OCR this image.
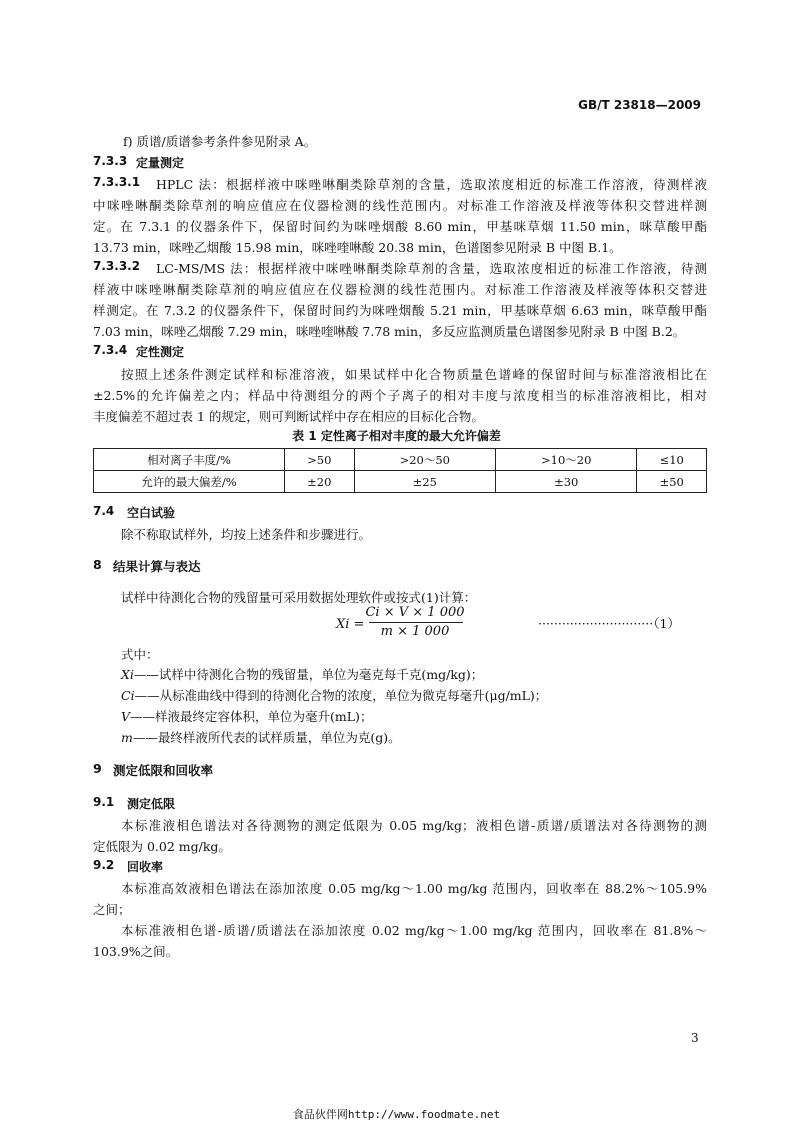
GB/T 23818—2009
f) 质谱/质谱参考条件参见附录 A。
7.3.3 定量测定
7.3.3.1 HPLC 法：根据样液中咪唑啉酮类除草剂的含量，选取浓度相近的标准工作溶液，待测样液
中咪唑啉酮类除草剂的响应值应在仪器检测的线性范围内。对标准工作溶液及样液等体积交替进样测
定。在 7.3.1 的仪器条件下，保留时间约为咪唑烟酸 8.60 min，甲基咪草烟 11.50 min，咪草酸甲酯
13.73 min，咪唑乙烟酸 15.98 min，咪唑喹啉酸 20.38 min，色谱图参见附录 B 中图 B.1。
7.3.3.2 LC-MS/MS 法：根据样液中咪唑啉酮类除草剂的含量，选取浓度相近的标准工作溶液，待测
样液中咪唑啉酮类除草剂的响应值应在仪器检测的线性范围内。对标准工作溶液及样液等体积交替进
样测定。在 7.3.2 的仪器条件下，保留时间约为咪唑烟酸 5.21 min，甲基咪草烟 6.63 min，咪草酸甲酯
7.03 min，咪唑乙烟酸 7.29 min，咪唑喹啉酸 7.78 min，多反应监测质量色谱图参见附录 B 中图 B.2。
7.3.4 定性测定
按照上述条件测定试样和标准溶液，如果试样中化合物质量色谱峰的保留时间与标准溶液相比在
±2.5%的允许偏差之内；样品中待测组分的两个子离子的相对丰度与浓度相当的标准溶液相比，相对
丰度偏差不超过表 1 的规定，则可判断试样中存在相应的目标化合物。
表 1 定性离子相对丰度的最大允许偏差
相对离子丰度/%	>50	>20～50	>10～20	≤10
允许的最大偏差/%	±20	±25	±30	±50
7.4 空白试验
除不称取试样外，均按上述条件和步骤进行。
8 结果计算与表达
试样中待测化合物的残留量可采用数据处理软件或按式(1)计算：
Xi =
Ci × V × 1 000
m × 1 000
·····························（1）
式中：
Xi——试样中待测化合物的残留量，单位为毫克每千克(mg/kg)；
Ci——从标准曲线中得到的待测化合物的浓度，单位为微克每毫升(μg/mL)；
V——样液最终定容体积，单位为毫升(mL)；
m——最终样液所代表的试样质量，单位为克(g)。
9 测定低限和回收率
9.1 测定低限
本标准液相色谱法对各待测物的测定低限为 0.05 mg/kg；液相色谱-质谱/质谱法对各待测物的测
定低限为 0.02 mg/kg。
9.2 回收率
本标准高效液相色谱法在添加浓度 0.05 mg/kg～1.00 mg/kg 范围内，回收率在 88.2%～105.9%
之间；
本标准液相色谱-质谱/质谱法在添加浓度 0.02 mg/kg～1.00 mg/kg 范围内，回收率在 81.8%～
103.9%之间。
3
食品伙伴网http://www.foodmate.net
